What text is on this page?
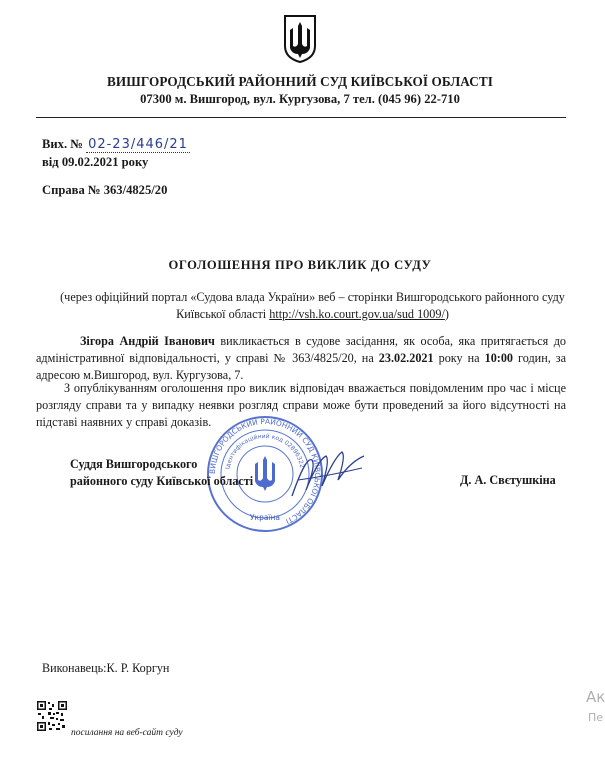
ВИШГОРОДСЬКИЙ РАЙОННИЙ СУД КИЇВСЬКОЇ ОБЛАСТІ
07300 м. Вишгород, вул. Кургузова, 7 тел. (045 96) 22-710
Вих. № 02-23/446/21
від 09.02.2021 року
Справа № 363/4825/20
ОГОЛОШЕННЯ ПРО ВИКЛИК ДО СУДУ
(через офіційний портал «Судова влада України» веб – сторінки Вишгородського районного суду Київської області http://vsh.ko.court.gov.ua/sud 1009/)
Зігора Андрій Іванович викликається в судове засідання, як особа, яка притягається до адміністративної відповідальності, у справі № 363/4825/20, на 23.02.2021 року на 10:00 годин, за адресою м.Вишгород, вул. Кургузова, 7.
З опублікуванням оголошення про виклик відповідач вважається повідомленим про час і місце розгляду справи та у випадку неявки розгляд справи може бути проведений за його відсутності на підставі наявних у справі доказів.
ВИШГОРОДСЬКИЙ РАЙОННИЙ СУД КИЇВСЬКОЇ ОБЛАСТІ
Ідентифікаційний код 02896322
Україна
Суддя Вишгородського
районного суду Київської області	Д. А. Свєтушкіна
Виконавець:К. Р. Коргун
посилання на веб-сайт суду
Ак
Пе
